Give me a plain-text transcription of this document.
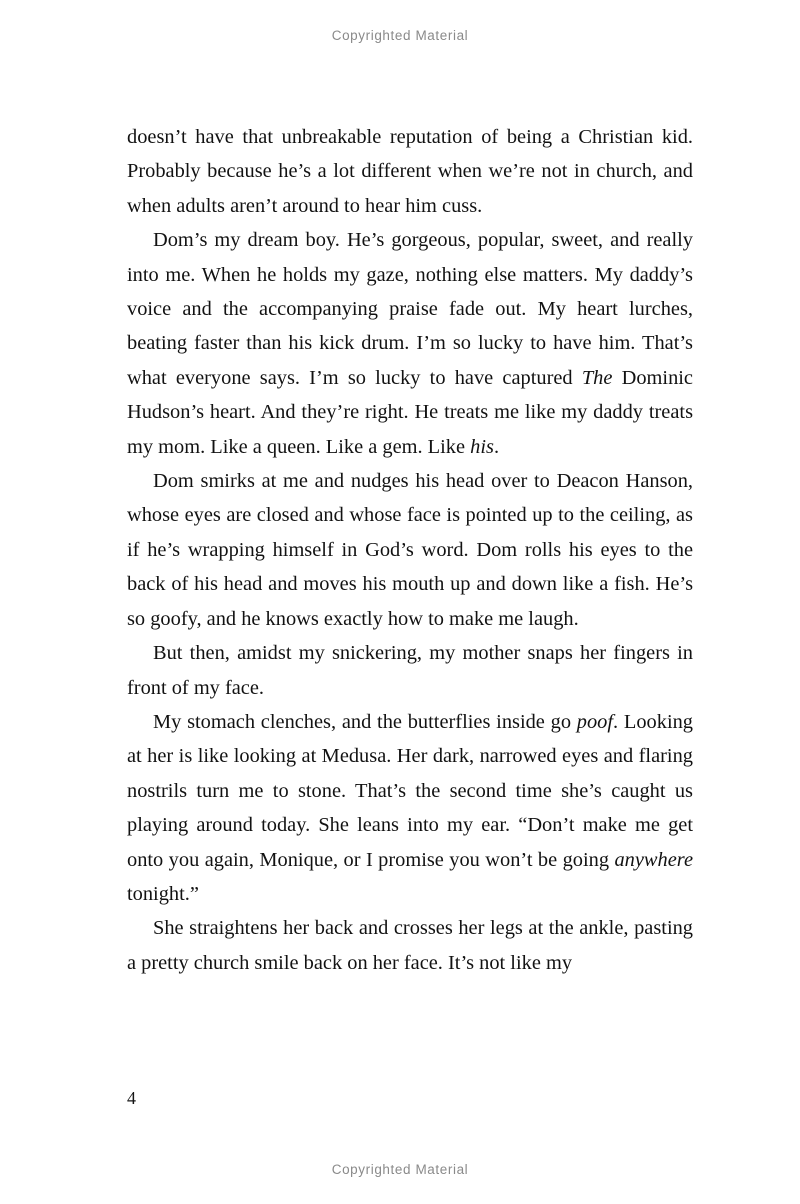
Copyrighted Material

doesn’t have that unbreakable reputation of being a Christian kid. Probably because he’s a lot different when we’re not in church, and when adults aren’t around to hear him cuss.

Dom’s my dream boy. He’s gorgeous, popular, sweet, and really into me. When he holds my gaze, nothing else matters. My daddy’s voice and the accompanying praise fade out. My heart lurches, beating faster than his kick drum. I’m so lucky to have him. That’s what everyone says. I’m so lucky to have captured The Dominic Hudson’s heart. And they’re right. He treats me like my daddy treats my mom. Like a queen. Like a gem. Like his.

Dom smirks at me and nudges his head over to Deacon Hanson, whose eyes are closed and whose face is pointed up to the ceiling, as if he’s wrapping himself in God’s word. Dom rolls his eyes to the back of his head and moves his mouth up and down like a fish. He’s so goofy, and he knows exactly how to make me laugh.

But then, amidst my snickering, my mother snaps her fingers in front of my face.

My stomach clenches, and the butterflies inside go poof. Looking at her is like looking at Medusa. Her dark, narrowed eyes and flaring nostrils turn me to stone. That’s the second time she’s caught us playing around today. She leans into my ear. “Don’t make me get onto you again, Monique, or I promise you won’t be going anywhere tonight.”

She straightens her back and crosses her legs at the ankle, pasting a pretty church smile back on her face. It’s not like my

4
Copyrighted Material
